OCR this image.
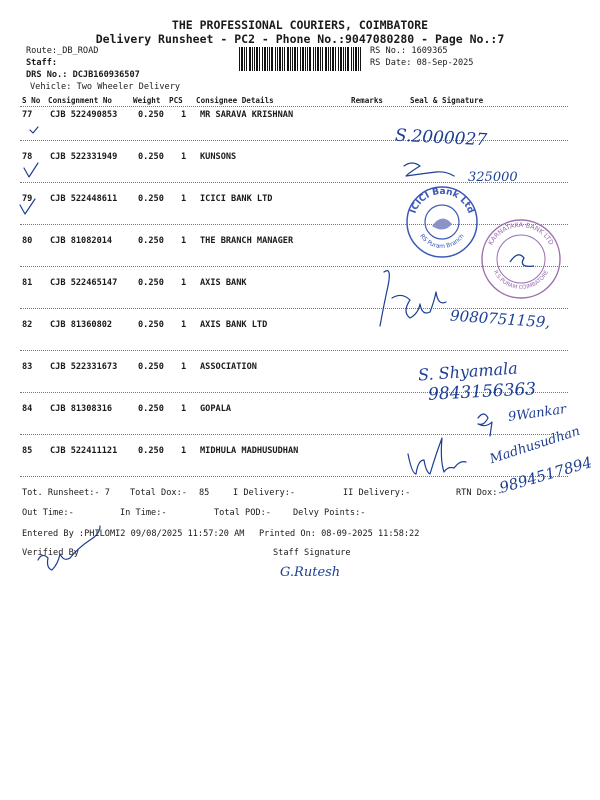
THE PROFESSIONAL COURIERS, COIMBATORE
Delivery Runsheet - PC2 - Phone No.:9047080280 - Page No.:7
Route:_DB_ROAD
Staff:
DRS No.: DCJB160936507
Vehicle: Two Wheeler Delivery
RS No.: 1609365
RS Date: 08-Sep-2025
S No Consignment No	Weight PCS Consignee Details	Remarks	Seal & Signature
77 CJB 522490853 0.250 1 MR SARAVA KRISHNAN
78 CJB 522331949 0.250 1 KUNSONS
79 CJB 522448611 0.250 1 ICICI BANK LTD
80 CJB 81082014	0.250 1 THE BRANCH MANAGER
81 CJB 522465147 0.250 1 AXIS BANK
82 CJB 81360802	0.250 1 AXIS BANK LTD
83 CJB 522331673 0.250 1 ASSOCIATION
84 CJB 81308316	0.250 1 GOPALA
85 CJB 522411121 0.250 1 MIDHULA MADHUSUDHAN
Tot. Runsheet:- 7 Total Dox:- 85	I Delivery:-	II Delivery:-	RTN Dox:-
Out Time:-	In Time:-	Total POD:-	Delvy Points:-
Entered By :PHILOMI2 09/08/2025 11:57:20 AM Printed On: 08-09-2025 11:58:22
Verified By	Staff Signature
S.2000027
325000
9080751159,
S. Shyamala
9843156363
9Wankar
Madhusudhan
9894517894
G.Rutesh
ICICI Bank Ltd
RS Puram Branch
KARNATAKA BANK LTD
R.S.PURAM COIMBATORE
